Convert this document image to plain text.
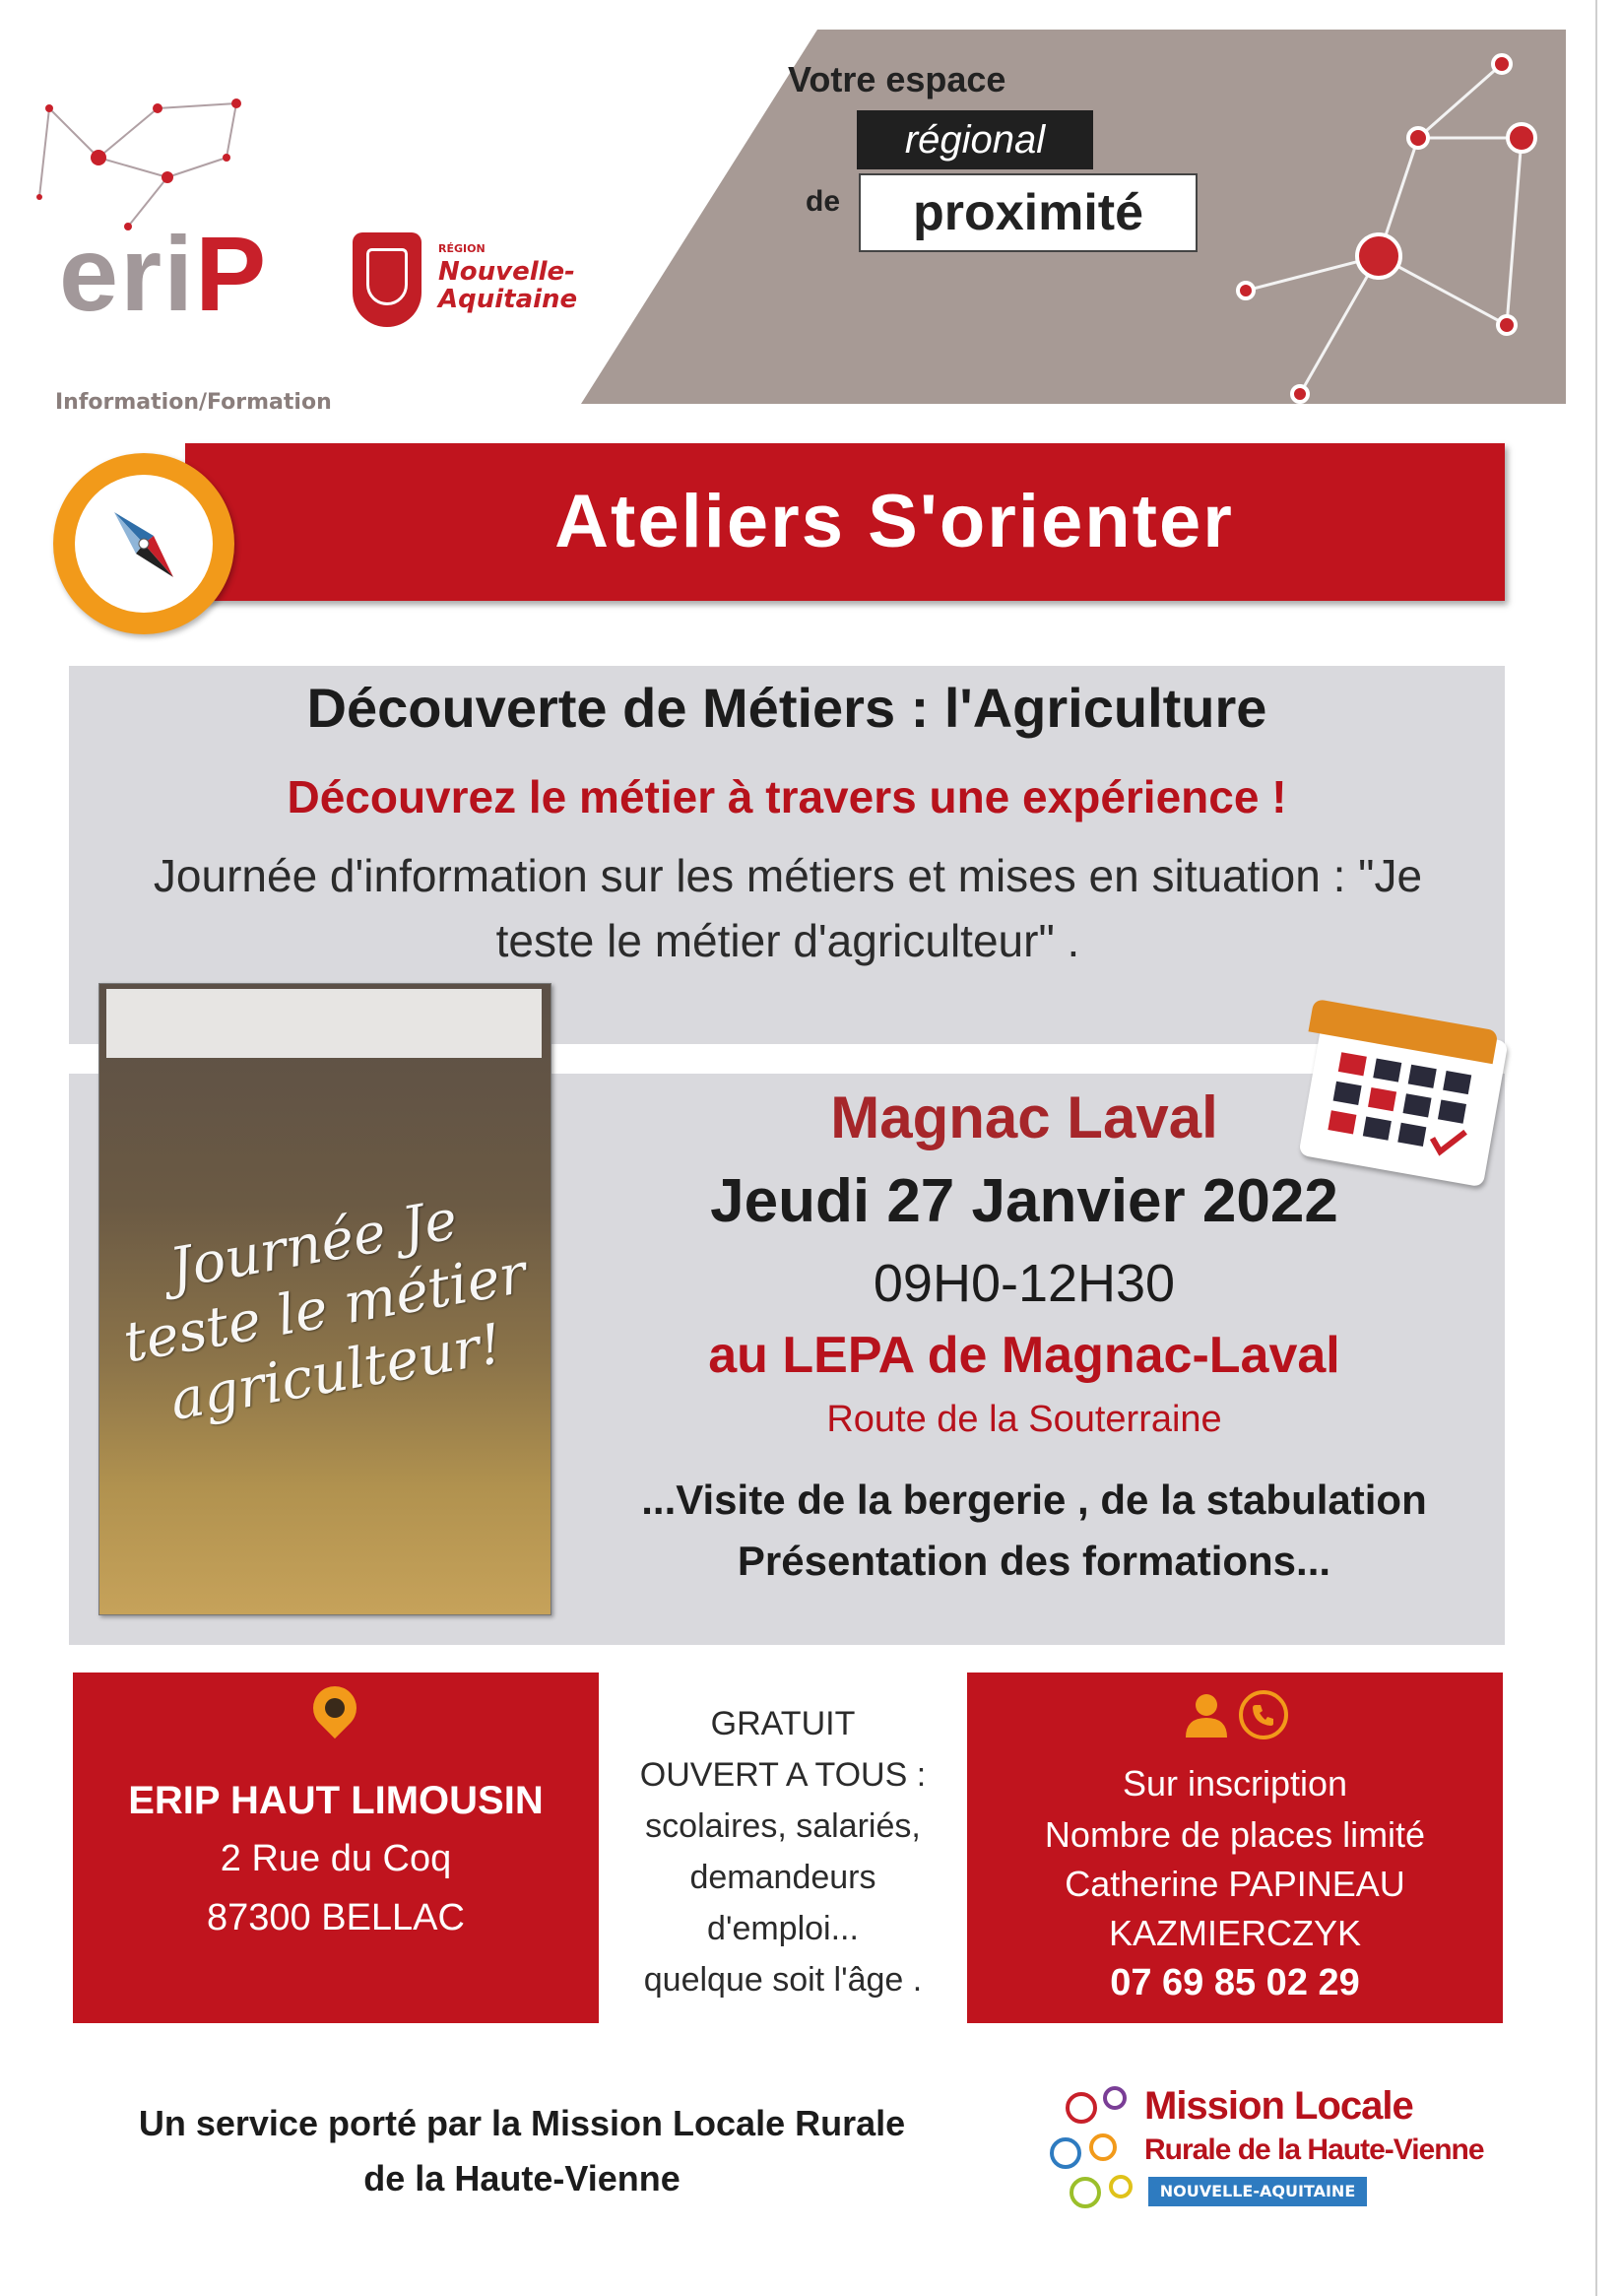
Votre espace
régional
de	proximité
eriP	RÉGION
Nouvelle-
Aquitaine
Information/Formation
Ateliers S'orienter
Découverte de Métiers : l'Agriculture
Découvrez le métier à travers une expérience !
Journée d'information sur les métiers et mises en situation : "Je teste le métier d'agriculteur" .
Journée Je teste le métier agriculteur!
Magnac Laval
Jeudi 27 Janvier 2022
09H0-12H30
au LEPA de Magnac-Laval
Route de la Souterraine
...Visite de la bergerie , de la stabulation
Présentation des formations...
ERIP HAUT LIMOUSIN
2 Rue du Coq
87300 BELLAC
GRATUIT
OUVERT A TOUS :
scolaires, salariés,
demandeurs
d'emploi...
quelque soit l'âge .
Sur inscription
Nombre de places limité
Catherine PAPINEAU
KAZMIERCZYK
07 69 85 02 29
Un service porté par la Mission Locale Rurale
de la Haute-Vienne
Mission Locale
Rurale de la Haute-Vienne
NOUVELLE-AQUITAINE
